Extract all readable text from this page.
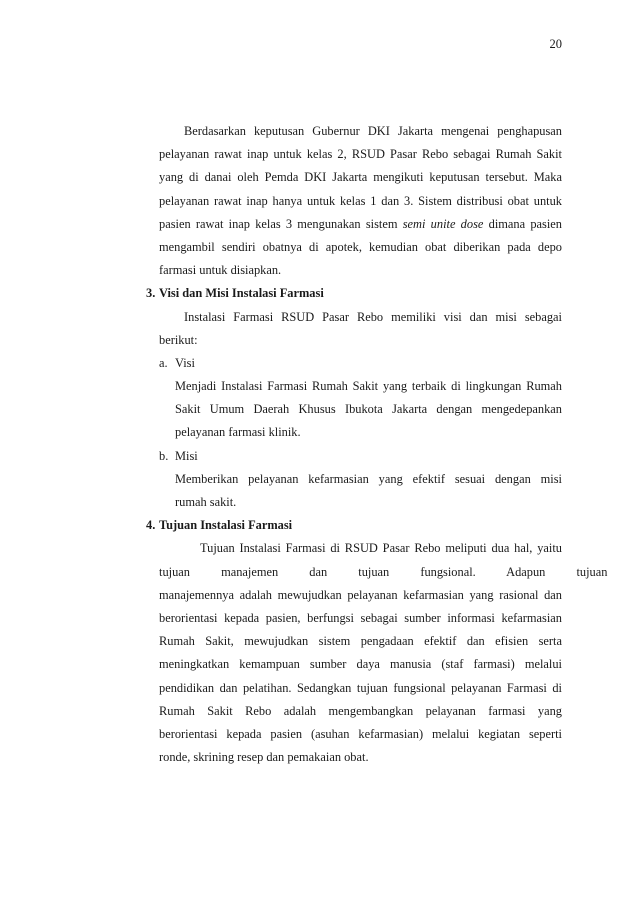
20
Berdasarkan keputusan Gubernur DKI Jakarta mengenai penghapusan
pelayanan rawat inap untuk kelas 2, RSUD Pasar Rebo sebagai Rumah Sakit
yang di danai oleh Pemda DKI Jakarta mengikuti keputusan tersebut. Maka
pelayanan rawat inap hanya untuk kelas 1 dan 3. Sistem distribusi obat untuk
pasien rawat inap kelas 3 mengunakan sistem semi unite dose dimana pasien
mengambil sendiri obatnya di apotek, kemudian obat diberikan pada depo
farmasi untuk disiapkan.
3. Visi dan Misi Instalasi Farmasi
Instalasi Farmasi RSUD Pasar Rebo memiliki visi dan misi sebagai
berikut:
a. Visi
Menjadi Instalasi Farmasi Rumah Sakit yang terbaik di lingkungan Rumah
Sakit Umum Daerah Khusus Ibukota Jakarta dengan mengedepankan
pelayanan farmasi klinik.
b. Misi
Memberikan pelayanan kefarmasian yang efektif sesuai dengan misi
rumah sakit.
4. Tujuan Instalasi Farmasi
Tujuan Instalasi Farmasi di RSUD Pasar Rebo meliputi dua hal, yaitu
tujuan manajemen dan tujuan fungsional. Adapun tujuan
manajemennya adalah mewujudkan pelayanan kefarmasian yang rasional dan
berorientasi kepada pasien, berfungsi sebagai sumber informasi kefarmasian
Rumah Sakit, mewujudkan sistem pengadaan efektif dan efisien serta
meningkatkan kemampuan sumber daya manusia (staf farmasi) melalui
pendidikan dan pelatihan. Sedangkan tujuan fungsional pelayanan Farmasi di
Rumah Sakit Rebo adalah mengembangkan pelayanan farmasi yang
berorientasi kepada pasien (asuhan kefarmasian) melalui kegiatan seperti
ronde, skrining resep dan pemakaian obat.
